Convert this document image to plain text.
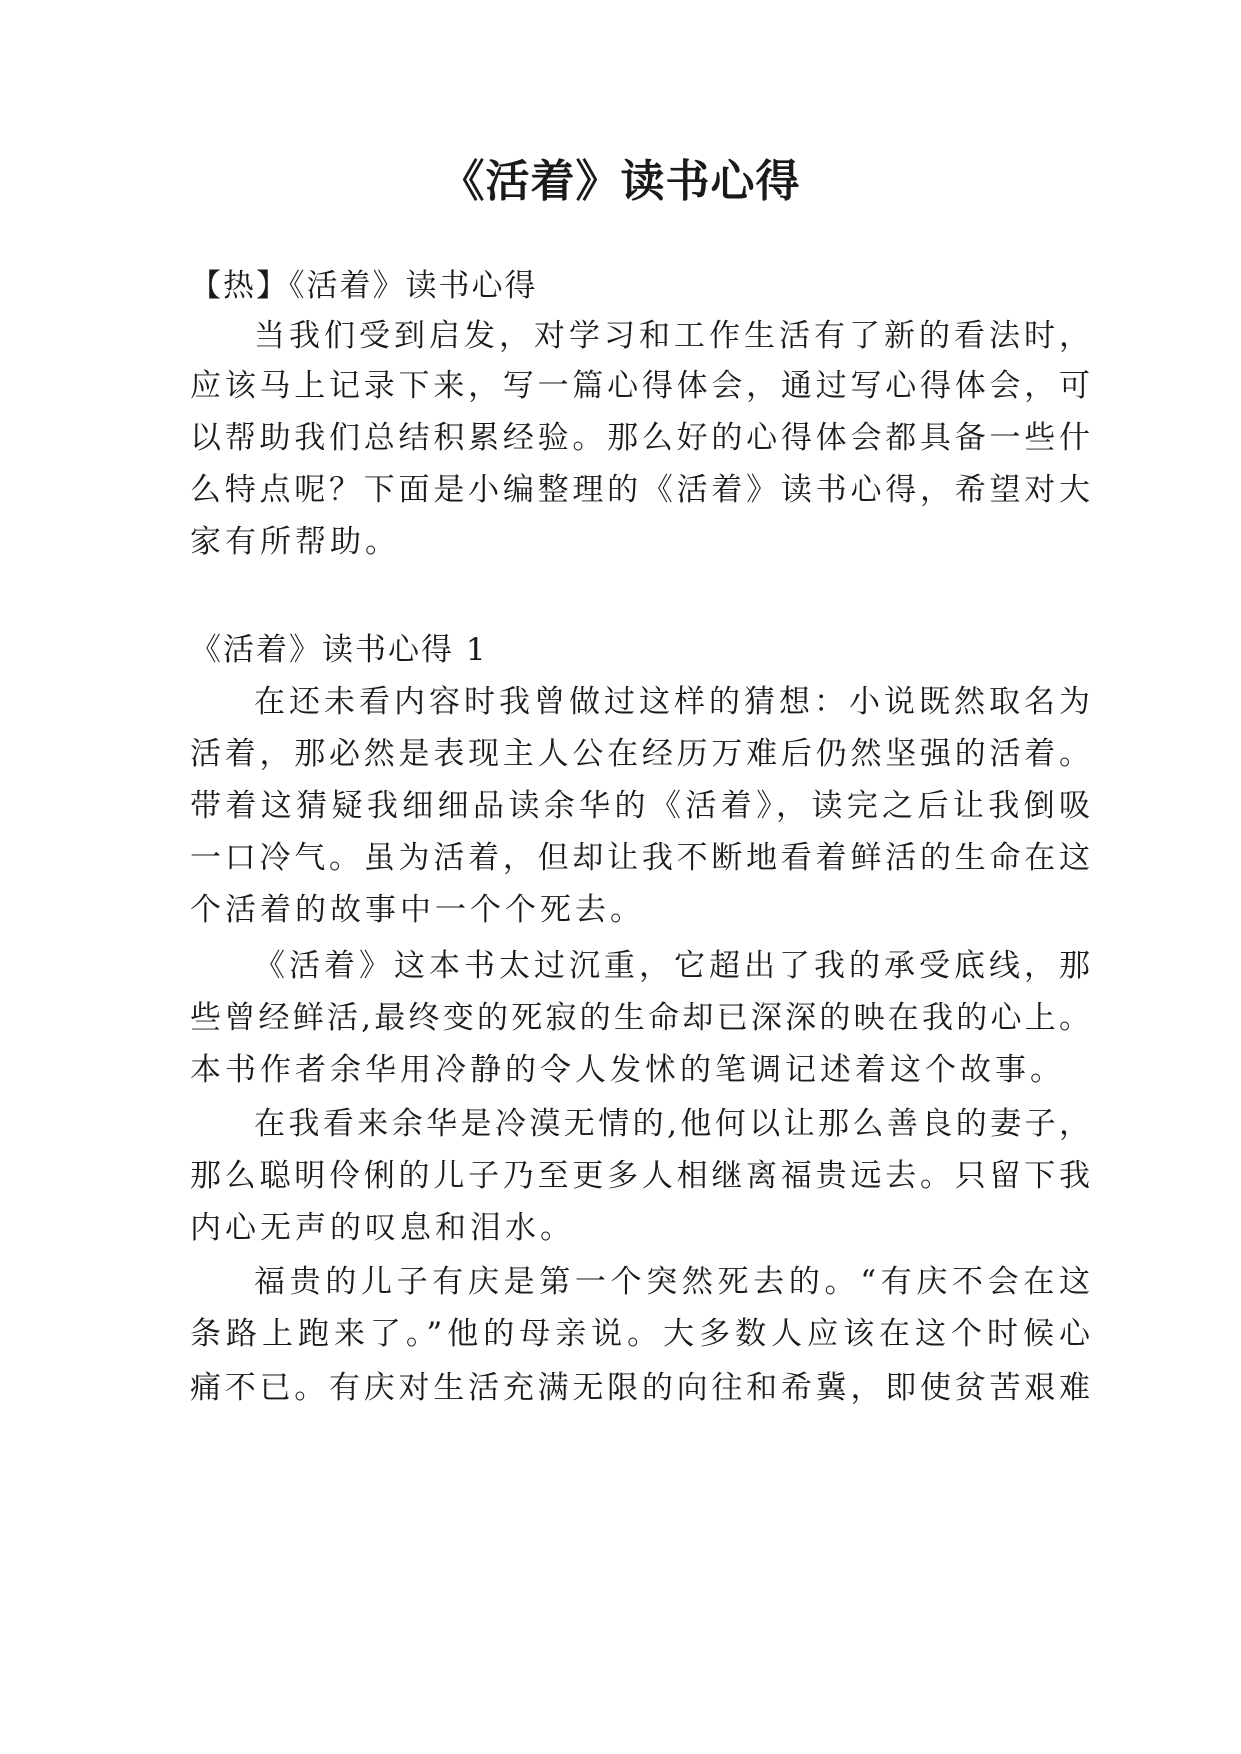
《活着》读书心得
【热】《活着》读书心得
当我们受到启发，对学习和工作生活有了新的看法时，
应该马上记录下来，写一篇心得体会，通过写心得体会，可
以帮助我们总结积累经验。那么好的心得体会都具备一些什
么特点呢？下面是小编整理的《活着》读书心得，希望对大
家有所帮助。
《活着》读书心得 1
在还未看内容时我曾做过这样的猜想：小说既然取名为
活着，那必然是表现主人公在经历万难后仍然坚强的活着。
带着这猜疑我细细品读余华的《活着》，读完之后让我倒吸
一口冷气。虽为活着，但却让我不断地看着鲜活的生命在这
个活着的故事中一个个死去。
《活着》这本书太过沉重，它超出了我的承受底线，那
些曾经鲜活,最终变的死寂的生命却已深深的映在我的心上。
本书作者余华用冷静的令人发怵的笔调记述着这个故事。
在我看来余华是冷漠无情的,他何以让那么善良的妻子，
那么聪明伶俐的儿子乃至更多人相继离福贵远去。只留下我
内心无声的叹息和泪水。
福贵的儿子有庆是第一个突然死去的。“有庆不会在这
条路上跑来了。”他的母亲说。大多数人应该在这个时候心
痛不已。有庆对生活充满无限的向往和希冀，即使贫苦艰难
